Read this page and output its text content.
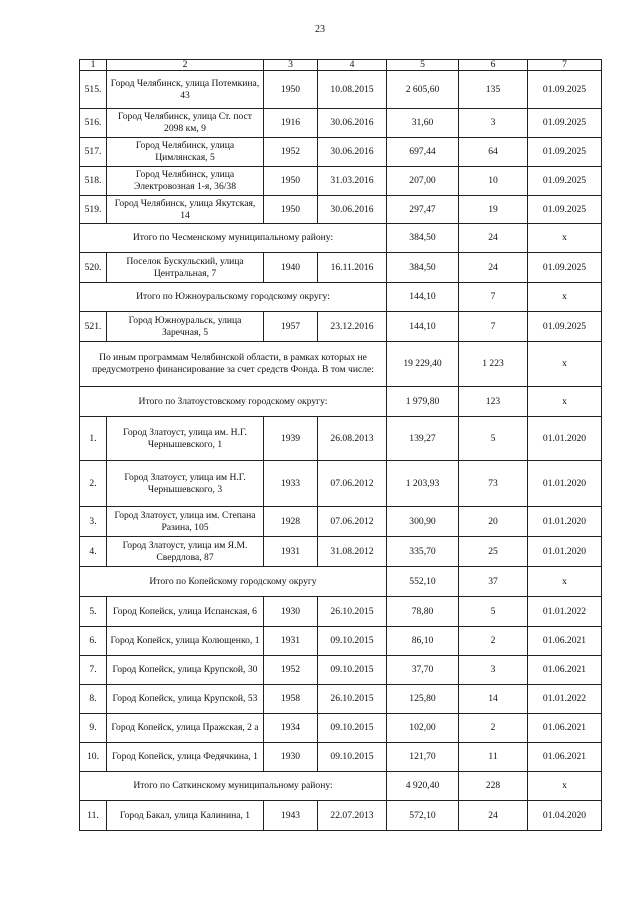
23
1	2	3	4	5	6	7
515.	Город Челябинск, улица Потемкина, 43	1950	10.08.2015	2 605,60	135	01.09.2025
516.	Город Челябинск, улица Ст. пост 2098 км, 9	1916	30.06.2016	31,60	3	01.09.2025
517.	Город Челябинск, улица Цимлянская, 5	1952	30.06.2016	697,44	64	01.09.2025
518.	Город Челябинск, улица Электровозная 1-я, 36/38	1950	31.03.2016	207,00	10	01.09.2025
519.	Город Челябинск, улица Якутская, 14	1950	30.06.2016	297,47	19	01.09.2025
Итого по Чесменскому муниципальному району:				384,50	24	х
520.	Поселок Бускульский, улица Центральная, 7	1940	16.11.2016	384,50	24	01.09.2025
Итого по Южноуральскому городскому округу:				144,10	7	х
521.	Город Южноуральск, улица Заречная, 5	1957	23.12.2016	144,10	7	01.09.2025
По иным программам Челябинской области, в рамках которых не предусмотрено финансирование за счет средств Фонда. В том числе:				19 229,40	1 223	х
Итого по Златоустовскому городскому округу:				1 979,80	123	х
1.	Город Златоуст, улица им. Н.Г. Чернышевского, 1	1939	26.08.2013	139,27	5	01.01.2020
2.	Город Златоуст, улица им Н.Г. Чернышевского, 3	1933	07.06.2012	1 203,93	73	01.01.2020
3.	Город Златоуст, улица им. Степана Разина, 105	1928	07.06.2012	300,90	20	01.01.2020
4.	Город Златоуст, улица им Я.М. Свердлова, 87	1931	31.08.2012	335,70	25	01.01.2020
Итого по Копейскому городскому округу				552,10	37	х
5.	Город Копейск, улица Испанская, 6	1930	26.10.2015	78,80	5	01.01.2022
6.	Город Копейск, улица Колющенко, 1	1931	09.10.2015	86,10	2	01.06.2021
7.	Город Копейск, улица Крупской, 30	1952	09.10.2015	37,70	3	01.06.2021
8.	Город Копейск, улица Крупской, 53	1958	26.10.2015	125,80	14	01.01.2022
9.	Город Копейск, улица Пражская, 2 а	1934	09.10.2015	102,00	2	01.06.2021
10.	Город Копейск, улица Федячкина, 1	1930	09.10.2015	121,70	11	01.06.2021
Итого по Саткинскому муниципальному району:				4 920,40	228	х
11.	Город Бакал, улица Калинина, 1	1943	22.07.2013	572,10	24	01.04.2020
